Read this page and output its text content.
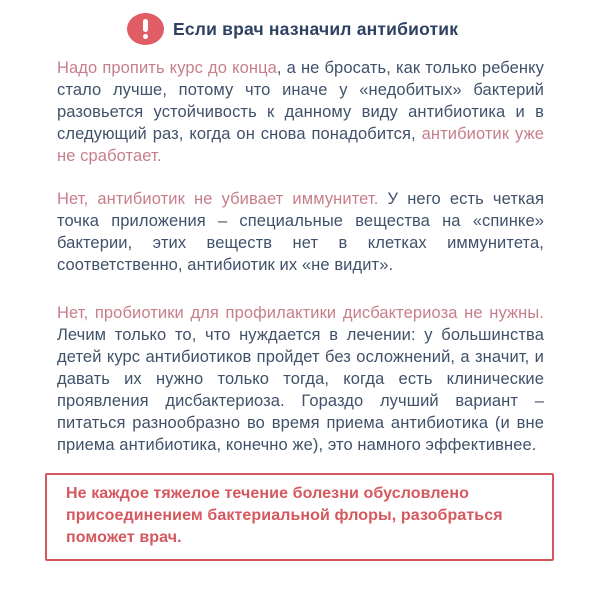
Если врач назначил антибиотик

Надо пропить курс до конца, а не бросать, как только ребенку стало лучше, потому что иначе у «недобитых» бактерий разовьется устойчивость к данному виду антибиотика и в следующий раз, когда он снова понадобится, антибиотик уже не сработает.

Нет, антибиотик не убивает иммунитет. У него есть четкая точка приложения – специальные вещества на «спинке» бактерии, этих веществ нет в клетках иммунитета, соответственно, антибиотик их «не видит».

Нет, пробиотики для профилактики дисбактериоза не нужны. Лечим только то, что нуждается в лечении: у большинства детей курс антибиотиков пройдет без осложнений, а значит, и давать их нужно только тогда, когда есть клинические проявления дисбактериоза. Гораздо лучший вариант – питаться разнообразно во время приема антибиотика (и вне приема антибиотика, конечно же), это намного эффективнее.

Не каждое тяжелое течение болезни обусловлено присоединением бактериальной флоры, разобраться поможет врач.
